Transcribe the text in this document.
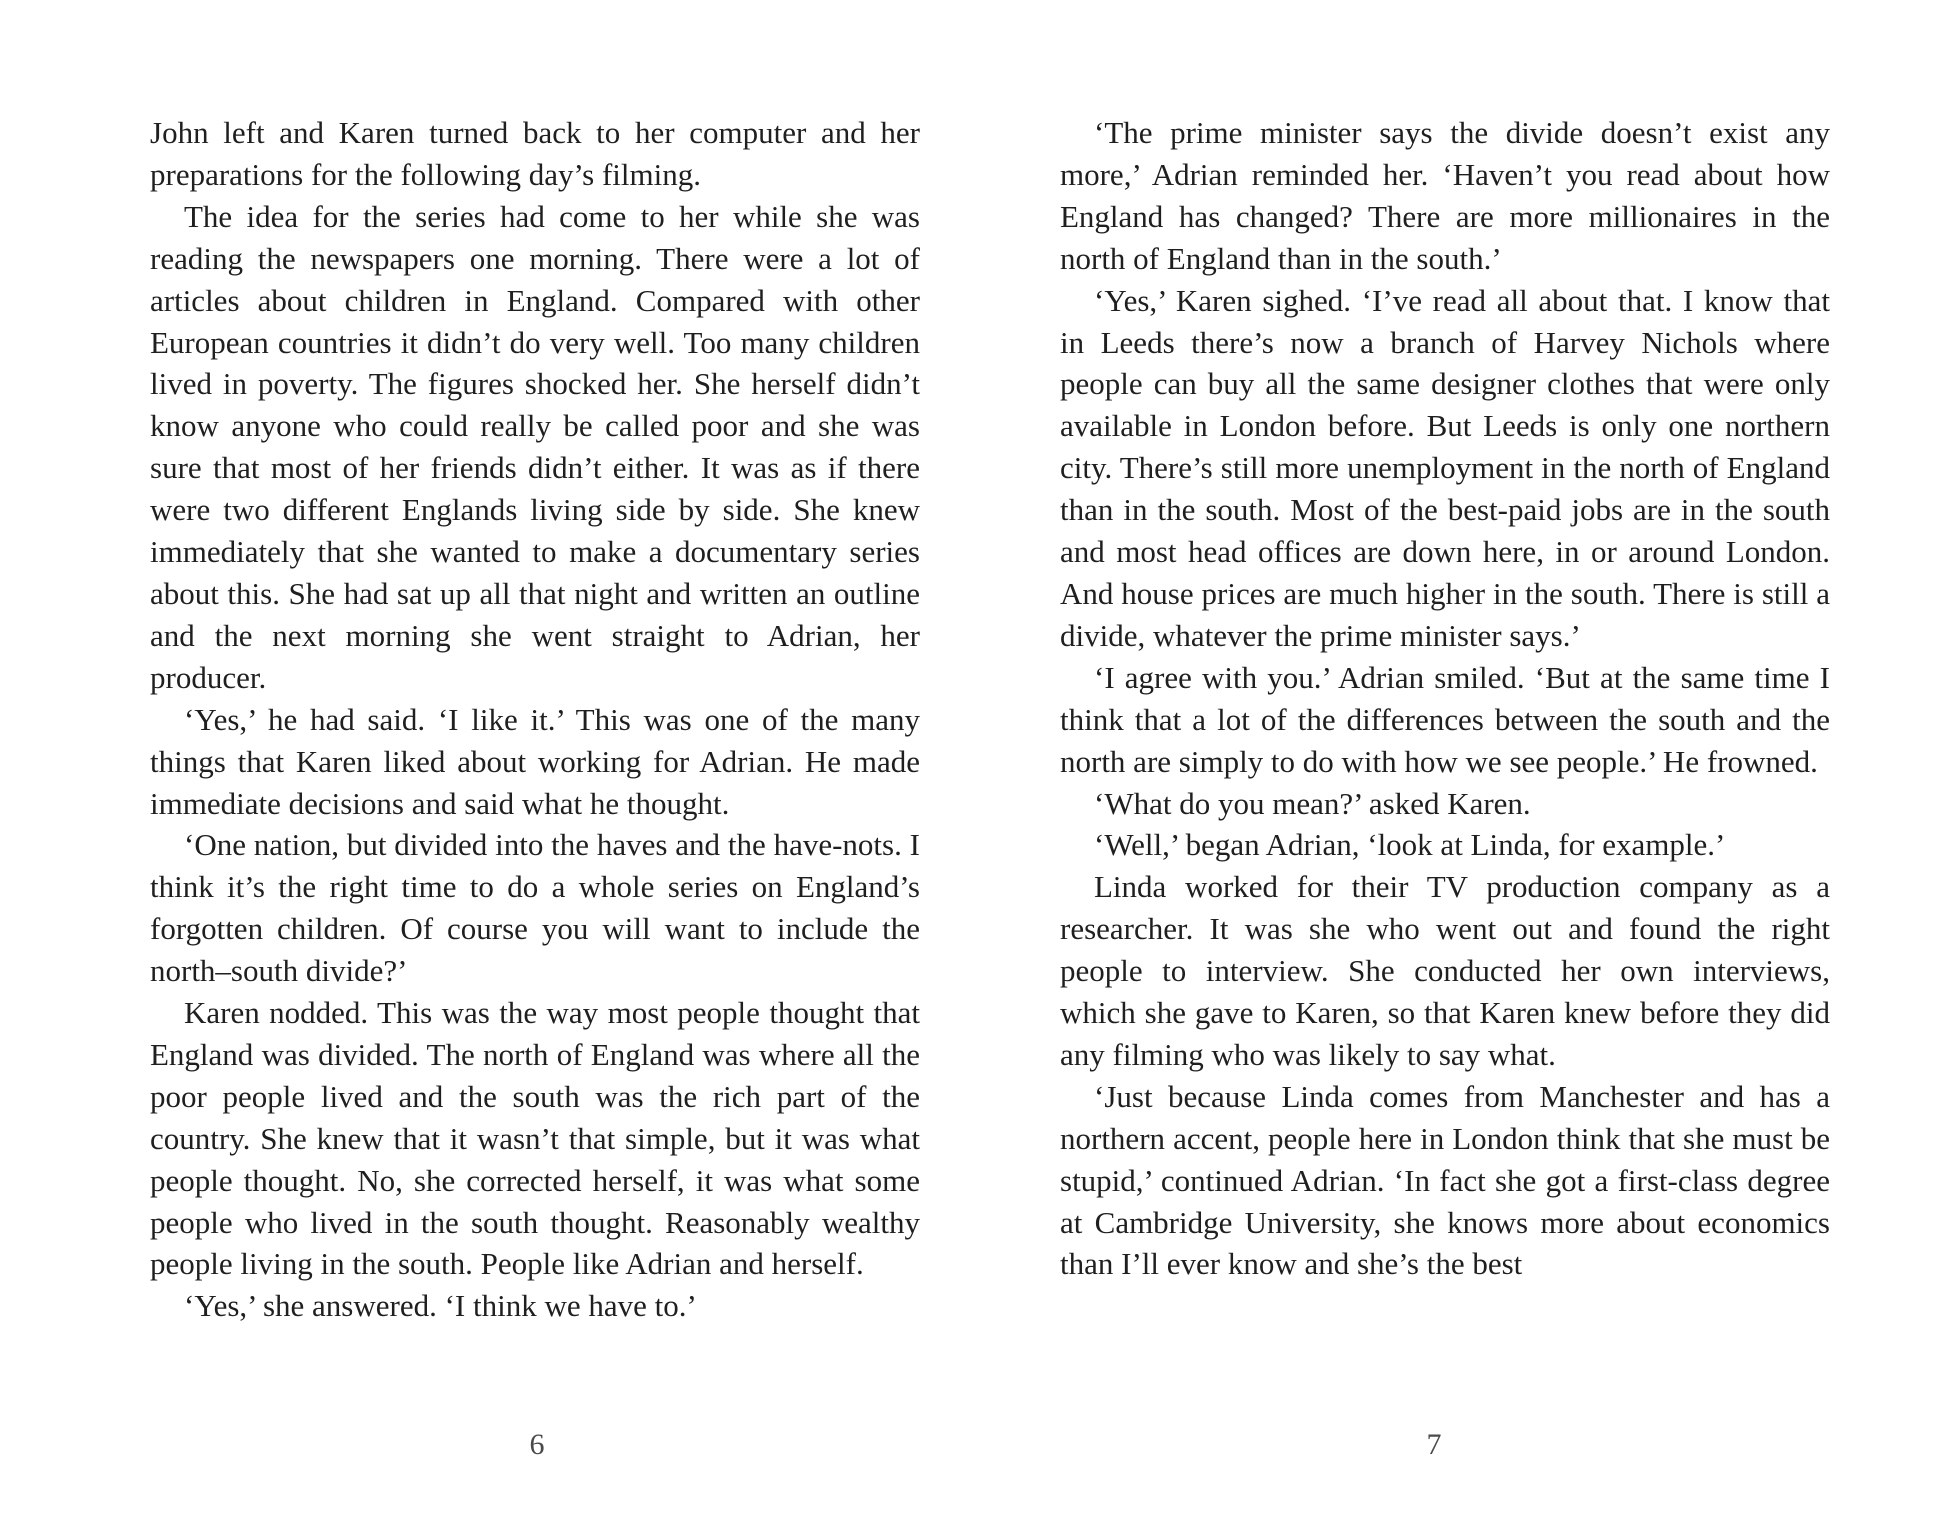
John left and Karen turned back to her computer and her preparations for the following day’s filming.

The idea for the series had come to her while she was reading the newspapers one morning. There were a lot of articles about children in England. Compared with other European countries it didn’t do very well. Too many children lived in poverty. The figures shocked her. She herself didn’t know anyone who could really be called poor and she was sure that most of her friends didn’t either. It was as if there were two different Englands living side by side. She knew immediately that she wanted to make a documentary series about this. She had sat up all that night and written an outline and the next morning she went straight to Adrian, her producer.

‘Yes,’ he had said. ‘I like it.’ This was one of the many things that Karen liked about working for Adrian. He made immediate decisions and said what he thought.

‘One nation, but divided into the haves and the have-nots. I think it’s the right time to do a whole series on England’s forgotten children. Of course you will want to include the north–south divide?’

Karen nodded. This was the way most people thought that England was divided. The north of England was where all the poor people lived and the south was the rich part of the country. She knew that it wasn’t that simple, but it was what people thought. No, she corrected herself, it was what some people who lived in the south thought. Reasonably wealthy people living in the south. People like Adrian and herself.

‘Yes,’ she answered. ‘I think we have to.’

6

‘The prime minister says the divide doesn’t exist any more,’ Adrian reminded her. ‘Haven’t you read about how England has changed? There are more millionaires in the north of England than in the south.’

‘Yes,’ Karen sighed. ‘I’ve read all about that. I know that in Leeds there’s now a branch of Harvey Nichols where people can buy all the same designer clothes that were only available in London before. But Leeds is only one northern city. There’s still more unemployment in the north of England than in the south. Most of the best-paid jobs are in the south and most head offices are down here, in or around London. And house prices are much higher in the south. There is still a divide, whatever the prime minister says.’

‘I agree with you.’ Adrian smiled. ‘But at the same time I think that a lot of the differences between the south and the north are simply to do with how we see people.’ He frowned.

‘What do you mean?’ asked Karen.

‘Well,’ began Adrian, ‘look at Linda, for example.’

Linda worked for their TV production company as a researcher. It was she who went out and found the right people to interview. She conducted her own interviews, which she gave to Karen, so that Karen knew before they did any filming who was likely to say what.

‘Just because Linda comes from Manchester and has a northern accent, people here in London think that she must be stupid,’ continued Adrian. ‘In fact she got a first-class degree at Cambridge University, she knows more about economics than I’ll ever know and she’s the best

7
